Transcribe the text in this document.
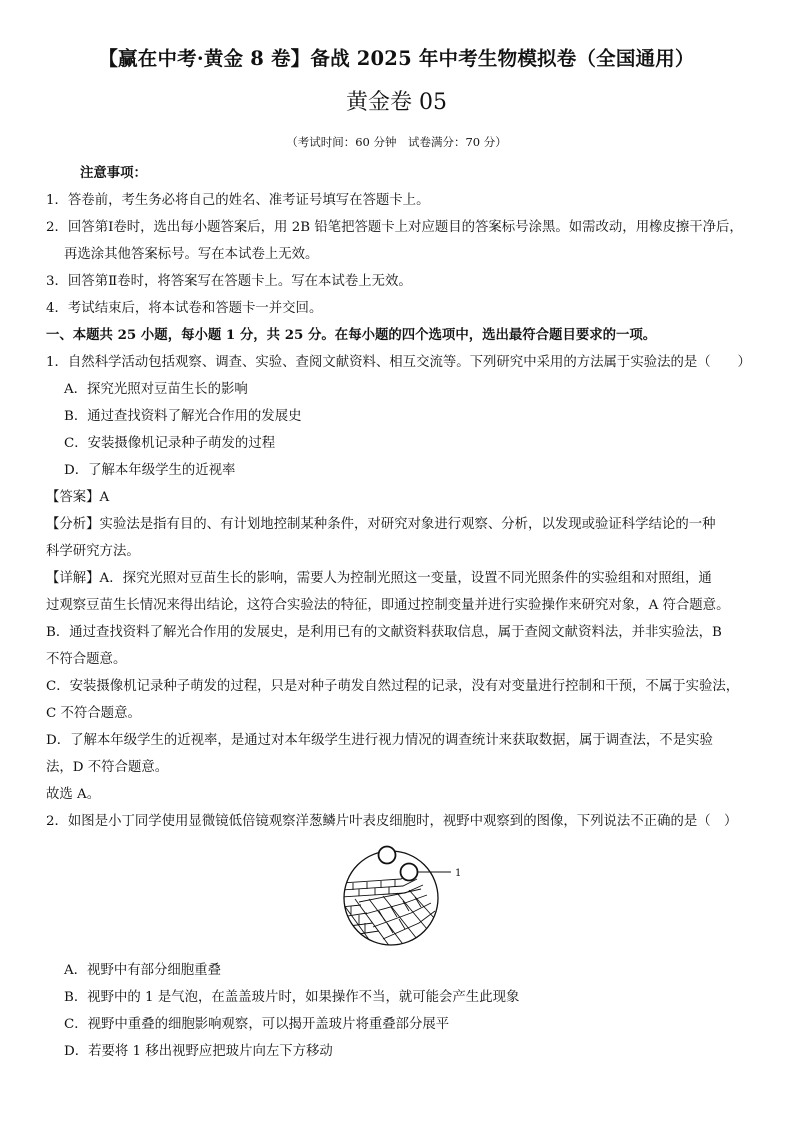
【赢在中考·黄金 8 卷】备战 2025 年中考生物模拟卷（全国通用）
黄金卷 05
（考试时间：60 分钟　试卷满分：70 分）
注意事项：
1．答卷前，考生务必将自己的姓名、准考证号填写在答题卡上。
2．回答第Ⅰ卷时，选出每小题答案后，用 2B 铅笔把答题卡上对应题目的答案标号涂黑。如需改动，用橡皮擦干净后，
再选涂其他答案标号。写在本试卷上无效。
3．回答第Ⅱ卷时，将答案写在答题卡上。写在本试卷上无效。
4．考试结束后，将本试卷和答题卡一并交回。
一、本题共 25 小题，每小题 1 分，共 25 分。在每小题的四个选项中，选出最符合题目要求的一项。
1．自然科学活动包括观察、调查、实验、查阅文献资料、相互交流等。下列研究中采用的方法属于实验法的是（　　）
A．探究光照对豆苗生长的影响
B．通过查找资料了解光合作用的发展史
C．安装摄像机记录种子萌发的过程
D．了解本年级学生的近视率
【答案】A
【分析】实验法是指有目的、有计划地控制某种条件，对研究对象进行观察、分析，以发现或验证科学结论的一种
科学研究方法。
【详解】A．探究光照对豆苗生长的影响，需要人为控制光照这一变量，设置不同光照条件的实验组和对照组，通
过观察豆苗生长情况来得出结论，这符合实验法的特征，即通过控制变量并进行实验操作来研究对象，A 符合题意。
B．通过查找资料了解光合作用的发展史，是利用已有的文献资料获取信息，属于查阅文献资料法，并非实验法，B
不符合题意。
C．安装摄像机记录种子萌发的过程，只是对种子萌发自然过程的记录，没有对变量进行控制和干预，不属于实验法，
C 不符合题意。
D．了解本年级学生的近视率，是通过对本年级学生进行视力情况的调查统计来获取数据，属于调查法，不是实验
法，D 不符合题意。
故选 A。
2．如图是小丁同学使用显微镜低倍镜观察洋葱鳞片叶表皮细胞时，视野中观察到的图像，下列说法不正确的是（　）
1
A．视野中有部分细胞重叠
B．视野中的 1 是气泡，在盖盖玻片时，如果操作不当，就可能会产生此现象
C．视野中重叠的细胞影响观察，可以揭开盖玻片将重叠部分展平
D．若要将 1 移出视野应把玻片向左下方移动
